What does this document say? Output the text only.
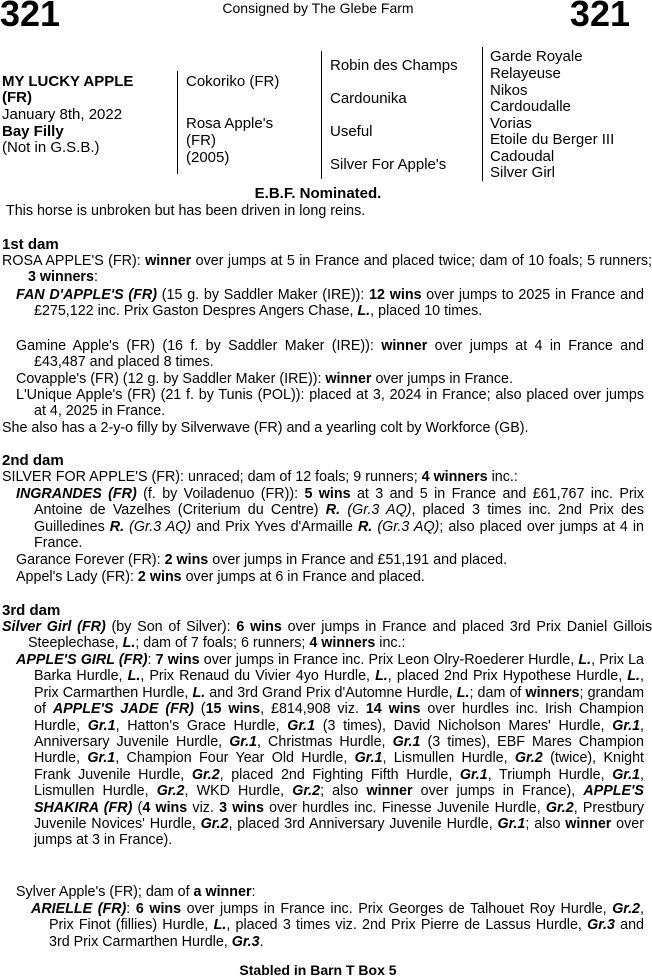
321	Consigned by The Glebe Farm	321
MY LUCKY APPLE
(FR)
January 8th, 2022
Bay Filly
(Not in G.S.B.)
Cokoriko (FR)
Rosa Apple's
(FR)
(2005)
Robin des Champs
Cardounika
Useful
Silver For Apple's
Garde Royale
Relayeuse
Nikos
Cardoudalle
Vorias
Etoile du Berger III
Cadoudal
Silver Girl
E.B.F. Nominated.
This horse is unbroken but has been driven in long reins.
1st dam
ROSA APPLE'S (FR): winner over jumps at 5 in France and placed twice; dam of 10 foals; 5 runners; 3 winners:
FAN D'APPLE'S (FR) (15 g. by Saddler Maker (IRE)): 12 wins over jumps to 2025 in France and £275,122 inc. Prix Gaston Despres Angers Chase, L., placed 10 times.
Gamine Apple's (FR) (16 f. by Saddler Maker (IRE)): winner over jumps at 4 in France and £43,487 and placed 8 times.
Covapple's (FR) (12 g. by Saddler Maker (IRE)): winner over jumps in France.
L'Unique Apple's (FR) (21 f. by Tunis (POL)): placed at 3, 2024 in France; also placed over jumps at 4, 2025 in France.
She also has a 2-y-o filly by Silverwave (FR) and a yearling colt by Workforce (GB).
2nd dam
SILVER FOR APPLE'S (FR): unraced; dam of 12 foals; 9 runners; 4 winners inc.:
INGRANDES (FR) (f. by Voiladenuo (FR)): 5 wins at 3 and 5 in France and £61,767 inc. Prix Antoine de Vazelhes (Criterium du Centre) R. (Gr.3 AQ), placed 3 times inc. 2nd Prix des Guilledines R. (Gr.3 AQ) and Prix Yves d'Armaille R. (Gr.3 AQ); also placed over jumps at 4 in France.
Garance Forever (FR): 2 wins over jumps in France and £51,191 and placed.
Appel's Lady (FR): 2 wins over jumps at 6 in France and placed.
3rd dam
Silver Girl (FR) (by Son of Silver): 6 wins over jumps in France and placed 3rd Prix Daniel Gillois Steeplechase, L.; dam of 7 foals; 6 runners; 4 winners inc.:
APPLE'S GIRL (FR): 7 wins over jumps in France inc. Prix Leon Olry-Roederer Hurdle, L., Prix La Barka Hurdle, L., Prix Renaud du Vivier 4yo Hurdle, L., placed 2nd Prix Hypothese Hurdle, L., Prix Carmarthen Hurdle, L. and 3rd Grand Prix d'Automne Hurdle, L.; dam of winners; grandam of APPLE'S JADE (FR) (15 wins, £814,908 viz. 14 wins over hurdles inc. Irish Champion Hurdle, Gr.1, Hatton's Grace Hurdle, Gr.1 (3 times), David Nicholson Mares' Hurdle, Gr.1, Anniversary Juvenile Hurdle, Gr.1, Christmas Hurdle, Gr.1 (3 times), EBF Mares Champion Hurdle, Gr.1, Champion Four Year Old Hurdle, Gr.1, Lismullen Hurdle, Gr.2 (twice), Knight Frank Juvenile Hurdle, Gr.2, placed 2nd Fighting Fifth Hurdle, Gr.1, Triumph Hurdle, Gr.1, Lismullen Hurdle, Gr.2, WKD Hurdle, Gr.2; also winner over jumps in France), APPLE'S SHAKIRA (FR) (4 wins viz. 3 wins over hurdles inc. Finesse Juvenile Hurdle, Gr.2, Prestbury Juvenile Novices' Hurdle, Gr.2, placed 3rd Anniversary Juvenile Hurdle, Gr.1; also winner over jumps at 3 in France).
Sylver Apple's (FR); dam of a winner:
ARIELLE (FR): 6 wins over jumps in France inc. Prix Georges de Talhouet Roy Hurdle, Gr.2, Prix Finot (fillies) Hurdle, L., placed 3 times viz. 2nd Prix Pierre de Lassus Hurdle, Gr.3 and 3rd Prix Carmarthen Hurdle, Gr.3.
Stabled in Barn T Box 5
